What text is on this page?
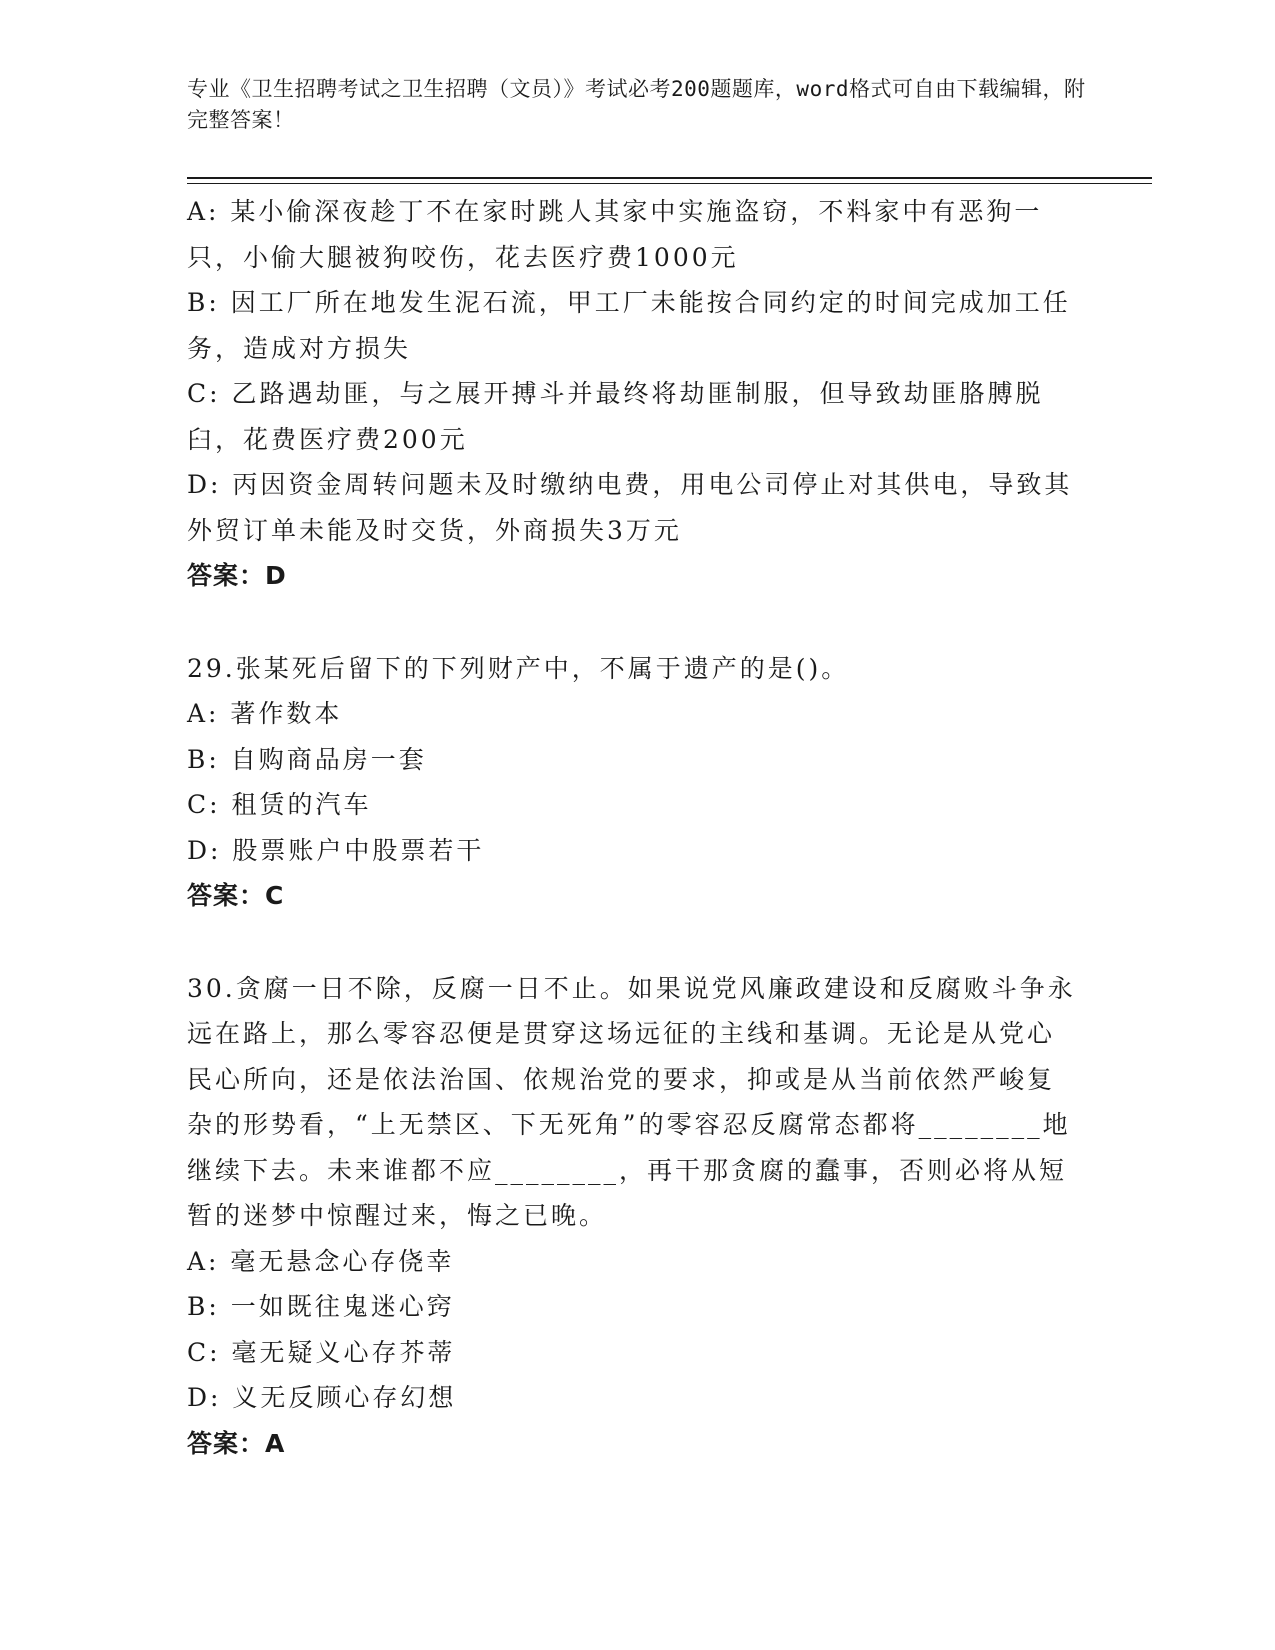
专业《卫生招聘考试之卫生招聘（文员）》考试必考200题题库，word格式可自由下载编辑，附完整答案！

A: 某小偷深夜趁丁不在家时跳人其家中实施盗窃，不料家中有恶狗一只，小偷大腿被狗咬伤，花去医疗费1000元

B: 因工厂所在地发生泥石流，甲工厂未能按合同约定的时间完成加工任务，造成对方损失

C: 乙路遇劫匪，与之展开搏斗并最终将劫匪制服，但导致劫匪胳膊脱臼，花费医疗费200元

D: 丙因资金周转问题未及时缴纳电费，用电公司停止对其供电，导致其外贸订单未能及时交货，外商损失3万元

答案：D

29.张某死后留下的下列财产中，不属于遗产的是()。

A: 著作数本

B: 自购商品房一套

C: 租赁的汽车

D: 股票账户中股票若干

答案：C

30.贪腐一日不除，反腐一日不止。如果说党风廉政建设和反腐败斗争永远在路上，那么零容忍便是贯穿这场远征的主线和基调。无论是从党心民心所向，还是依法治国、依规治党的要求，抑或是从当前依然严峻复杂的形势看，“上无禁区、下无死角”的零容忍反腐常态都将________地继续下去。未来谁都不应________，再干那贪腐的蠢事，否则必将从短暂的迷梦中惊醒过来，悔之已晚。

A: 毫无悬念心存侥幸

B: 一如既往鬼迷心窍

C: 毫无疑义心存芥蒂

D: 义无反顾心存幻想

答案：A
